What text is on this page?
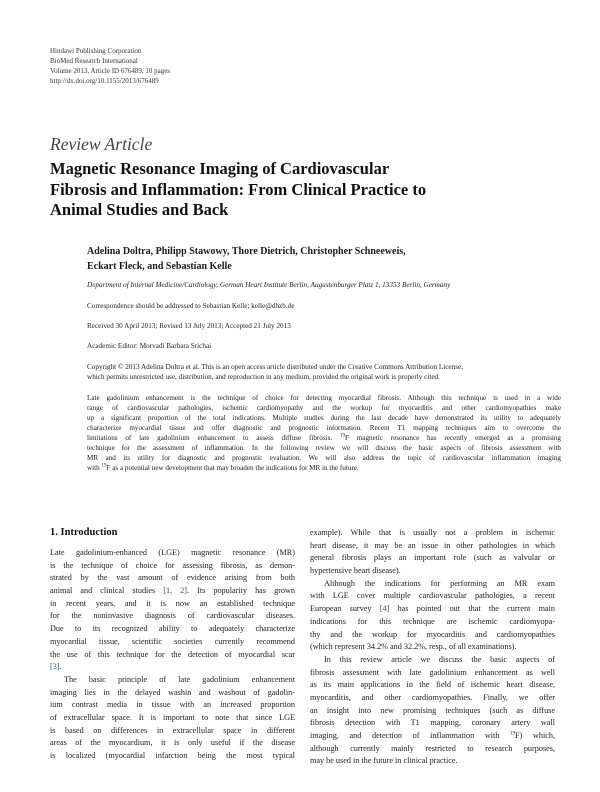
Hindawi Publishing Corporation
BioMed Research International
Volume 2013, Article ID 676489, 10 pages
http://dx.doi.org/10.1155/2013/676489
Review Article
Magnetic Resonance Imaging of Cardiovascular
Fibrosis and Inflammation: From Clinical Practice to
Animal Studies and Back
Adelina Doltra, Philipp Stawowy, Thore Dietrich, Christopher Schneeweis,
Eckart Fleck, and Sebastian Kelle
Department of Internal Medicine/Cardiology, German Heart Institute Berlin, Augustenburger Platz 1, 13353 Berlin, Germany
Correspondence should be addressed to Sebastian Kelle; kelle@dhzb.de
Received 30 April 2013; Revised 13 July 2013; Accepted 21 July 2013
Academic Editor: Morvadi Barbara Srichai
Copyright © 2013 Adelina Doltra et al. This is an open access article distributed under the Creative Commons Attribution License,
which permits unrestricted use, distribution, and reproduction in any medium, provided the original work is properly cited.
Late gadolinium enhancement is the technique of choice for detecting myocardial fibrosis. Although this technique is used in a wide
range of cardiovascular pathologies, ischemic cardiomyopathy and the workup for myocarditis and other cardiomyopathies make
up a significant proportion of the total indications. Multiple studies during the last decade have demonstrated its utility to adequately
characterize myocardial tissue and offer diagnostic and prognostic information. Recent T1 mapping techniques aim to overcome the
limitations of late gadolinium enhancement to assess diffuse fibrosis. $^{19}$F magnetic resonance has recently emerged as a promising
technique for the assessment of inflammation. In the following review we will discuss the basic aspects of fibrosis assessment with
MR and its utility for diagnostic and prognostic evaluation. We will also address the topic of cardiovascular inflammation imaging
with $^{19}$F as a potential new development that may broaden the indications for MR in the future.
1. Introduction
Late gadolinium-enhanced (LGE) magnetic resonance (MR)
is the technique of choice for assessing fibrosis, as demon-
strated by the vast amount of evidence arising from both
animal and clinical studies [1, 2]. Its popularity has grown
in recent years, and it is now an established technique
for the noninvasive diagnosis of cardiovascular diseases.
Due to its recognized ability to adequately characterize
myocardial tissue, scientific societies currently recommend
the use of this technique for the detection of myocardial scar
[3].
The basic principle of late gadolinium enhancement
imaging lies in the delayed washin and washout of gadolin-
ium contrast media in tissue with an increased proportion
of extracellular space. It is important to note that since LGE
is based on differences in extracellular space in different
areas of the myocardium, it is only useful if the disease
is localized (myocardial infarction being the most typical
example). While that is usually not a problem in ischemic
heart disease, it may be an issue in other pathologies in which
general fibrosis plays an important role (such as valvular or
hypertensive heart disease).
Although the indications for performing an MR exam
with LGE cover multiple cardiovascular pathologies, a recent
European survey [4] has pointed out that the current main
indications for this technique are ischemic cardiomyopa-
thy and the workup for myocarditis and cardiomyopathies
(which represent 34.2% and 32.2%, resp., of all examinations).
In this review article we discuss the basic aspects of
fibrosis assessment with late gadolinium enhancement as well
as its main applications in the field of ischemic heart disease,
myocarditis, and other cardiomyopathies. Finally, we offer
an insight into new promising techniques (such as diffuse
fibrosis detection with T1 mapping, coronary artery wall
imaging, and detection of inflammation with $^{19}$F) which,
although currently mainly restricted to research purposes,
may be used in the future in clinical practice.
